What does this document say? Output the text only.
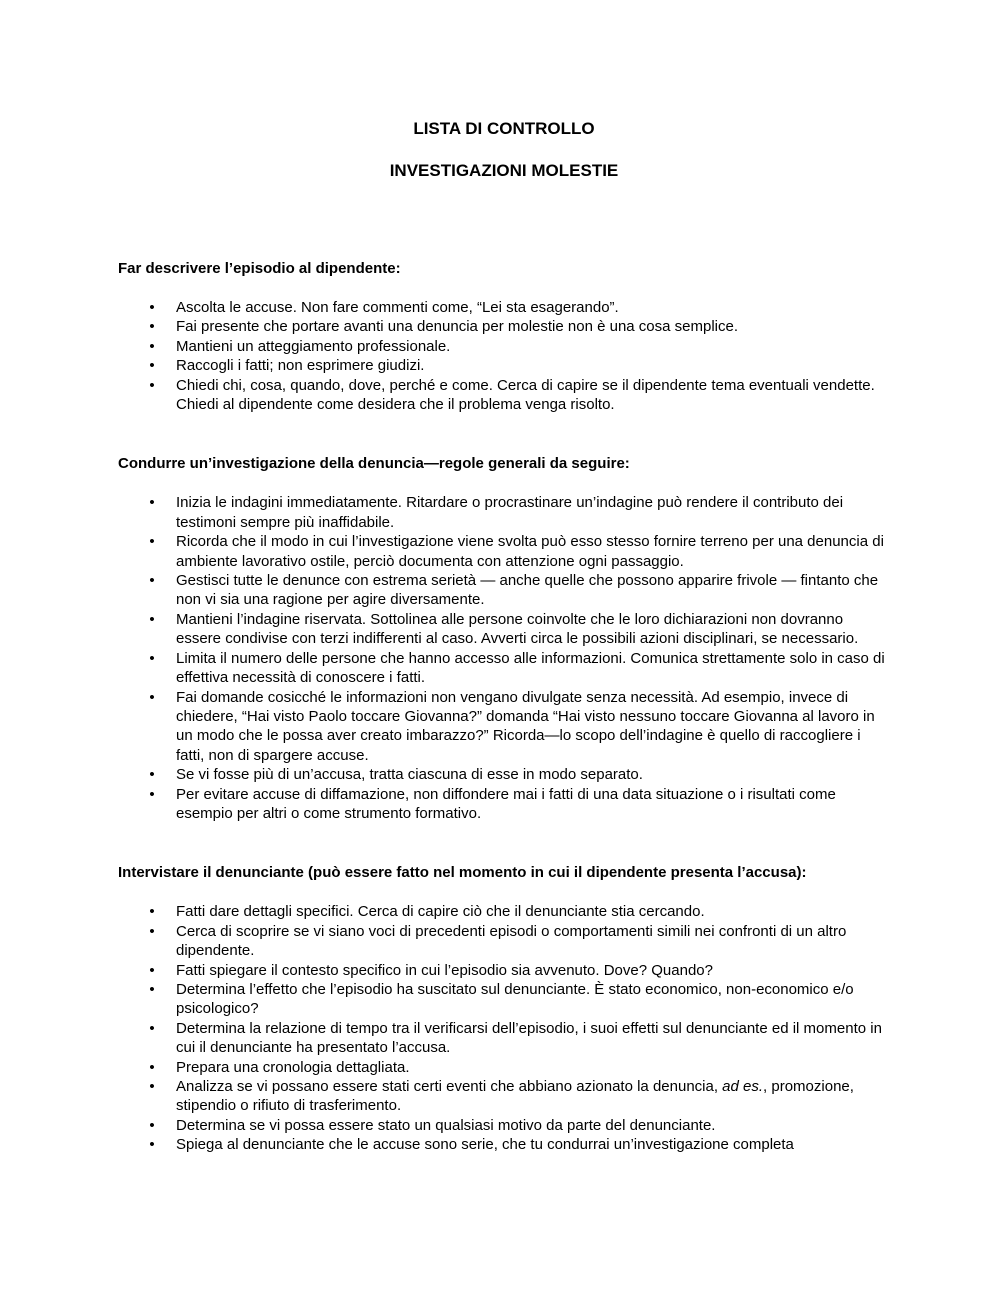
LISTA DI CONTROLLO
INVESTIGAZIONI MOLESTIE
Far descrivere l’episodio al dipendente:
• Ascolta le accuse. Non fare commenti come, “Lei sta esagerando”.
• Fai presente che portare avanti una denuncia per molestie non è una cosa semplice.
• Mantieni un atteggiamento professionale.
• Raccogli i fatti; non esprimere giudizi.
• Chiedi chi, cosa, quando, dove, perché e come. Cerca di capire se il dipendente tema eventuali vendette. Chiedi al dipendente come desidera che il problema venga risolto.
Condurre un’investigazione della denuncia—regole generali da seguire:
• Inizia le indagini immediatamente. Ritardare o procrastinare un’indagine può rendere il contributo dei testimoni sempre più inaffidabile.
• Ricorda che il modo in cui l’investigazione viene svolta può esso stesso fornire terreno per una denuncia di ambiente lavorativo ostile, perciò documenta con attenzione ogni passaggio.
• Gestisci tutte le denunce con estrema serietà — anche quelle che possono apparire frivole — fintanto che non vi sia una ragione per agire diversamente.
• Mantieni l’indagine riservata. Sottolinea alle persone coinvolte che le loro dichiarazioni non dovranno essere condivise con terzi indifferenti al caso. Avverti circa le possibili azioni disciplinari, se necessario.
• Limita il numero delle persone che hanno accesso alle informazioni. Comunica strettamente solo in caso di effettiva necessità di conoscere i fatti.
• Fai domande cosicché le informazioni non vengano divulgate senza necessità. Ad esempio, invece di chiedere, “Hai visto Paolo toccare Giovanna?” domanda “Hai visto nessuno toccare Giovanna al lavoro in un modo che le possa aver creato imbarazzo?” Ricorda—lo scopo dell’indagine è quello di raccogliere i fatti, non di spargere accuse.
• Se vi fosse più di un’accusa, tratta ciascuna di esse in modo separato.
• Per evitare accuse di diffamazione, non diffondere mai i fatti di una data situazione o i risultati come esempio per altri o come strumento formativo.
Intervistare il denunciante (può essere fatto nel momento in cui il dipendente presenta l’accusa):
• Fatti dare dettagli specifici. Cerca di capire ciò che il denunciante stia cercando.
• Cerca di scoprire se vi siano voci di precedenti episodi o comportamenti simili nei confronti di un altro dipendente.
• Fatti spiegare il contesto specifico in cui l’episodio sia avvenuto. Dove? Quando?
• Determina l’effetto che l’episodio ha suscitato sul denunciante. È stato economico, non-economico e/o psicologico?
• Determina la relazione di tempo tra il verificarsi dell’episodio, i suoi effetti sul denunciante ed il momento in cui il denunciante ha presentato l’accusa.
• Prepara una cronologia dettagliata.
• Analizza se vi possano essere stati certi eventi che abbiano azionato la denuncia, ad es., promozione, stipendio o rifiuto di trasferimento.
• Determina se vi possa essere stato un qualsiasi motivo da parte del denunciante.
• Spiega al denunciante che le accuse sono serie, che tu condurrai un’investigazione completa
